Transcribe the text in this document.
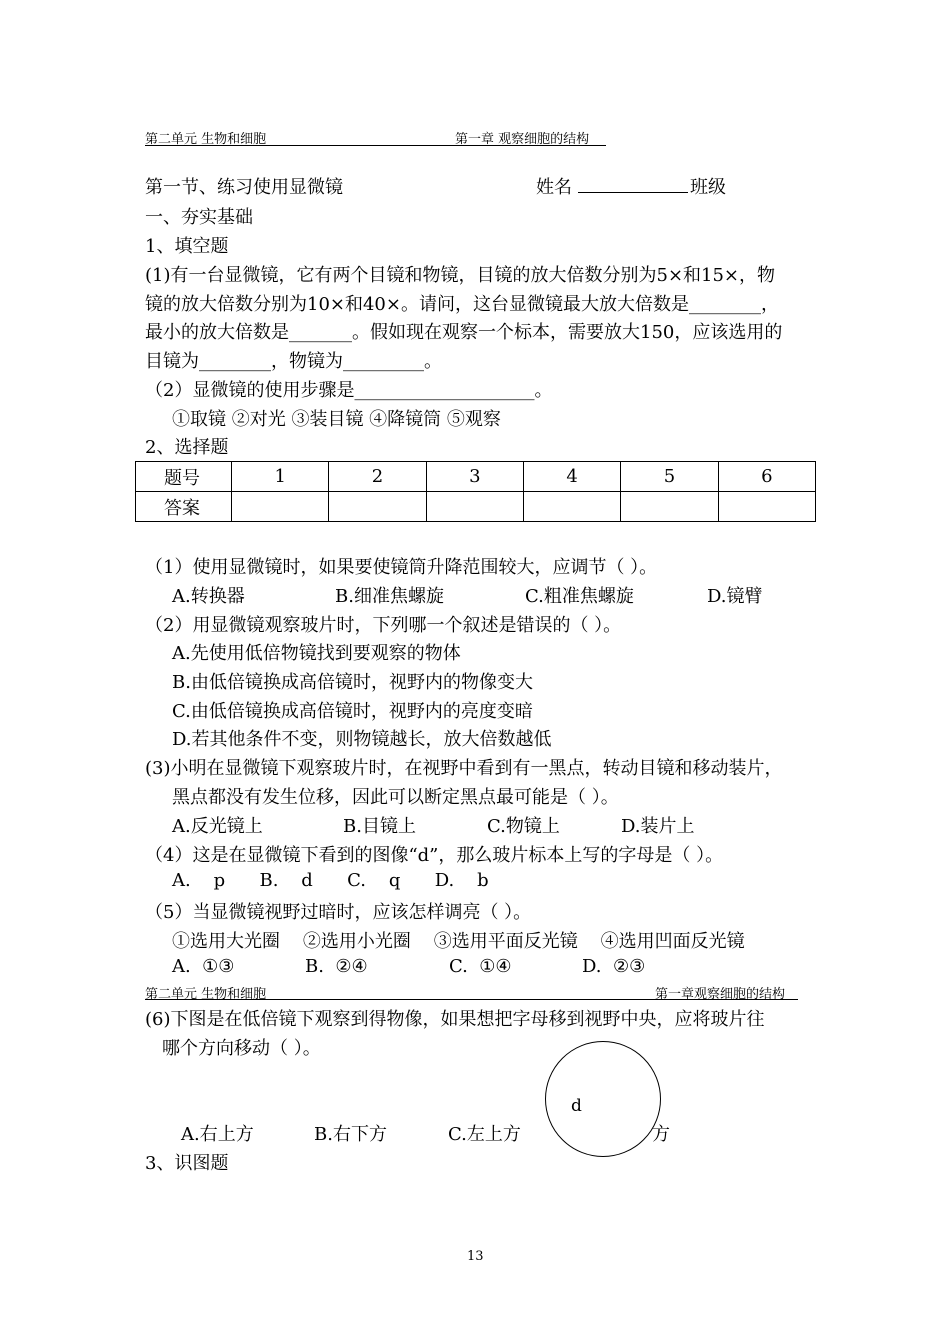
第二单元 生物和细胞	第一章 观察细胞的结构
第一节、练习使用显微镜	姓名	班级
一、夯实基础
1、填空题
(1)有一台显微镜，它有两个目镜和物镜，目镜的放大倍数分别为5×和15×，物
镜的放大倍数分别为10×和40×。请问，这台显微镜最大放大倍数是________，
最小的放大倍数是_______。假如现在观察一个标本，需要放大150，应该选用的
目镜为________，物镜为_________。
（2）显微镜的使用步骤是____________________。
①取镜 ②对光 ③装目镜 ④降镜筒 ⑤观察
2、选择题
题号	1	2	3	4	5	6
答案						
（1）使用显微镜时，如果要使镜筒升降范围较大，应调节（ ）。
A.转换器	B.细准焦螺旋	C.粗准焦螺旋	D.镜臂
（2）用显微镜观察玻片时，下列哪一个叙述是错误的（ ）。
A.先使用低倍物镜找到要观察的物体
B.由低倍镜换成高倍镜时，视野内的物像变大
C.由低倍镜换成高倍镜时，视野内的亮度变暗
D.若其他条件不变，则物镜越长，放大倍数越低
(3)小明在显微镜下观察玻片时，在视野中看到有一黑点，转动目镜和移动装片，
黑点都没有发生位移，因此可以断定黑点最可能是（ ）。
A.反光镜上	B.目镜上	C.物镜上	D.装片上
（4）这是在显微镜下看到的图像“d”，那么玻片标本上写的字母是（ ）。
A.    p      B.    d      C.    q      D.    b
（5）当显微镜视野过暗时，应该怎样调亮（ ）。
①选用大光圈    ②选用小光圈    ③选用平面反光镜    ④选用凹面反光镜
A.  ①③	B.  ②④	C.  ①④	D.  ②③
第二单元 生物和细胞	第一章观察细胞的结构
(6)下图是在低倍镜下观察到得物像，如果想把字母移到视野中央，应将玻片往
哪个方向移动（ ）。
A.右上方	B.右下方	C.左上方	方
d
3、识图题
13
